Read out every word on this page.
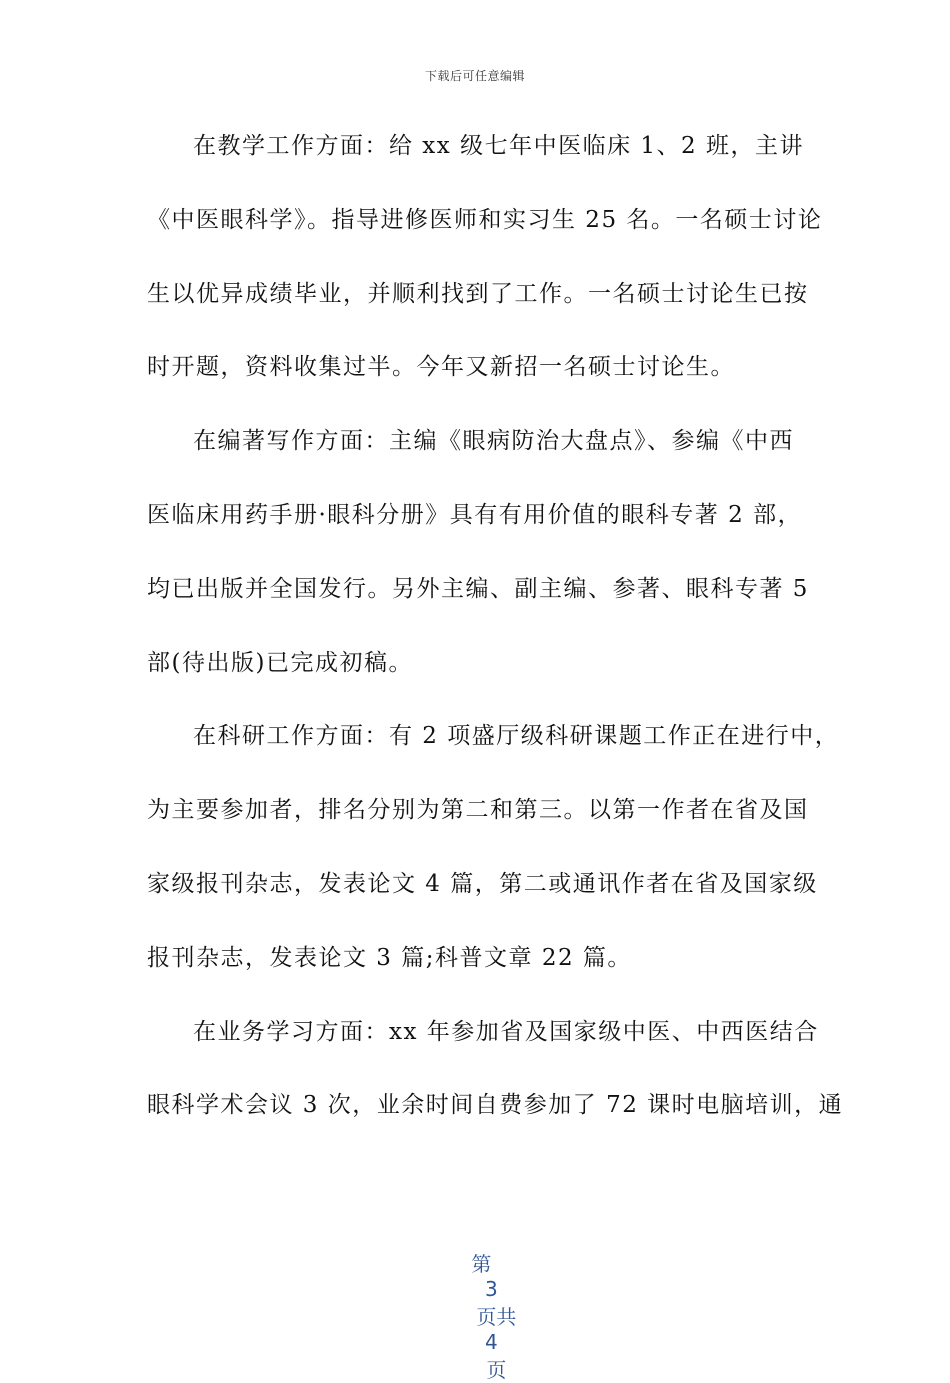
下载后可任意编辑
在教学工作方面：给 xx 级七年中医临床 1、2 班，主讲
《中医眼科学》。指导进修医师和实习生 25 名。一名硕士讨论
生以优异成绩毕业，并顺利找到了工作。一名硕士讨论生已按
时开题，资料收集过半。今年又新招一名硕士讨论生。
在编著写作方面：主编《眼病防治大盘点》、参编《中西
医临床用药手册·眼科分册》具有有用价值的眼科专著 2 部，
均已出版并全国发行。另外主编、副主编、参著、眼科专著 5
部(待出版)已完成初稿。
在科研工作方面：有 2 项盛厅级科研课题工作正在进行中，
为主要参加者，排名分别为第二和第三。以第一作者在省及国
家级报刊杂志，发表论文 4 篇，第二或通讯作者在省及国家级
报刊杂志，发表论文 3 篇;科普文章 22 篇。
在业务学习方面：xx 年参加省及国家级中医、中西医结合
眼科学术会议 3 次，业余时间自费参加了 72 课时电脑培训，通

第
3
页共
4
页
